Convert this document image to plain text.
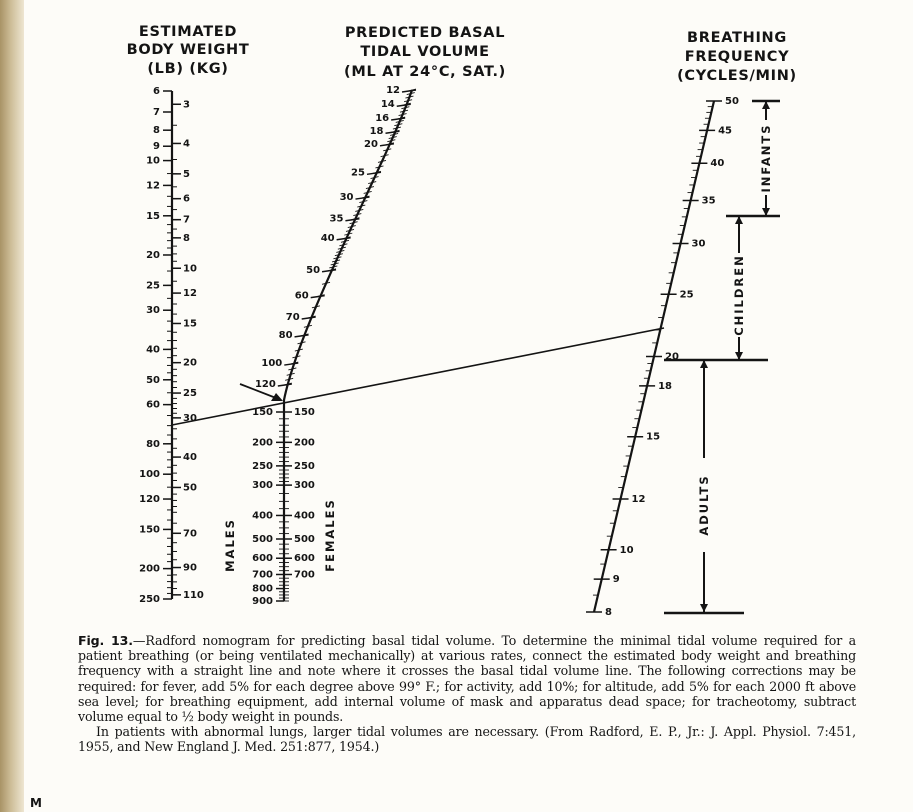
ESTIMATED
BODY WEIGHT
(LB) (KG)
PREDICTED BASAL
TIDAL VOLUME
(ML AT 24°C, SAT.)
BREATHING
FREQUENCY
(CYCLES/MIN)
6
7
8
9
10
12
15
20
25
30
40
50
60
80
100
120
150
200
250
3
4
5
6
7
8
10
12
15
20
25
30
40
50
70
90
110
12
14
16
18
20
25
30
35
40
50
60
70
80
100
120
150
200
250
300
400
500
600
700
800
900
150
200
250
300
400
500
600
700
50
45
40
35
30
25
20
18
15
12
10
9
8
INFANTS
CHILDREN
ADULTS
MALES	FEMALES

Fig. 13.—Radford nomogram for predicting basal tidal volume. To determine the minimal tidal volume required for a patient breathing (or being ventilated mechanically) at various rates, connect the estimated body weight and breathing frequency with a straight line and note where it crosses the basal tidal volume line. The following corrections may be required: for fever, add 5% for each degree above 99° F.; for activity, add 10%; for altitude, add 5% for each 2000 ft above sea level; for breathing equipment, add internal volume of mask and apparatus dead space; for tracheotomy, subtract volume equal to ½ body weight in pounds.

In patients with abnormal lungs, larger tidal volumes are necessary. (From Radford, E. P., Jr.: J. Appl. Physiol. 7:451, 1955, and New England J. Med. 251:877, 1954.)

M
